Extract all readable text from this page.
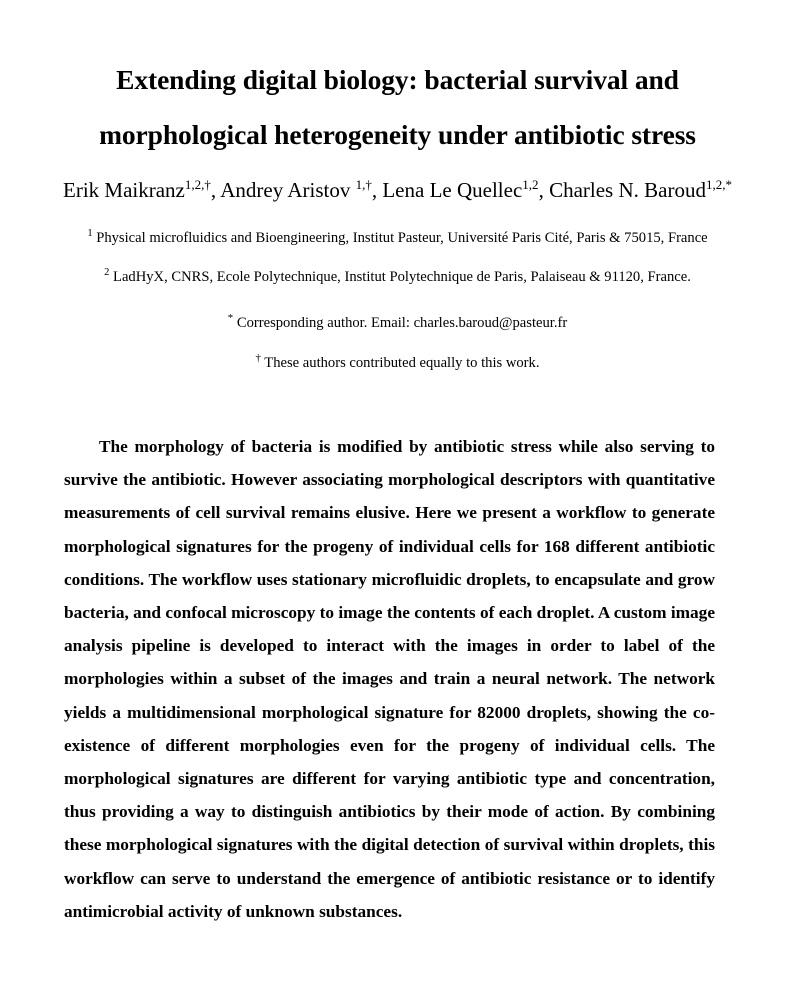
Extending digital biology: bacterial survival and
morphological heterogeneity under antibiotic stress
Erik Maikranz$^{1,2,\dagger}$, Andrey Aristov $^{1,\dagger}$, Lena Le Quellec$^{1,2}$, Charles N. Baroud$^{1,2,*}$
$^1$ Physical microfluidics and Bioengineering, Institut Pasteur, Université Paris Cité, Paris & 75015, France
$^2$ LadHyX, CNRS, Ecole Polytechnique, Institut Polytechnique de Paris, Palaiseau & 91120, France.
* Corresponding author. Email: charles.baroud@pasteur.fr
† These authors contributed equally to this work.

The morphology of bacteria is modified by antibiotic stress while also serving to survive the antibiotic. However associating morphological descriptors with quantitative measurements of cell survival remains elusive. Here we present a workflow to generate morphological signatures for the progeny of individual cells for 168 different antibiotic conditions. The workflow uses stationary microfluidic droplets, to encapsulate and grow bacteria, and confocal microscopy to image the contents of each droplet. A custom image analysis pipeline is developed to interact with the images in order to label of the morphologies within a subset of the images and train a neural network. The network yields a multidimensional morphological signature for 82000 droplets, showing the co-existence of different morphologies even for the progeny of individual cells. The morphological signatures are different for varying antibiotic type and concentration, thus providing a way to distinguish antibiotics by their mode of action. By combining these morphological signatures with the digital detection of survival within droplets, this workflow can serve to understand the emergence of antibiotic resistance or to identify antimicrobial activity of unknown substances.
